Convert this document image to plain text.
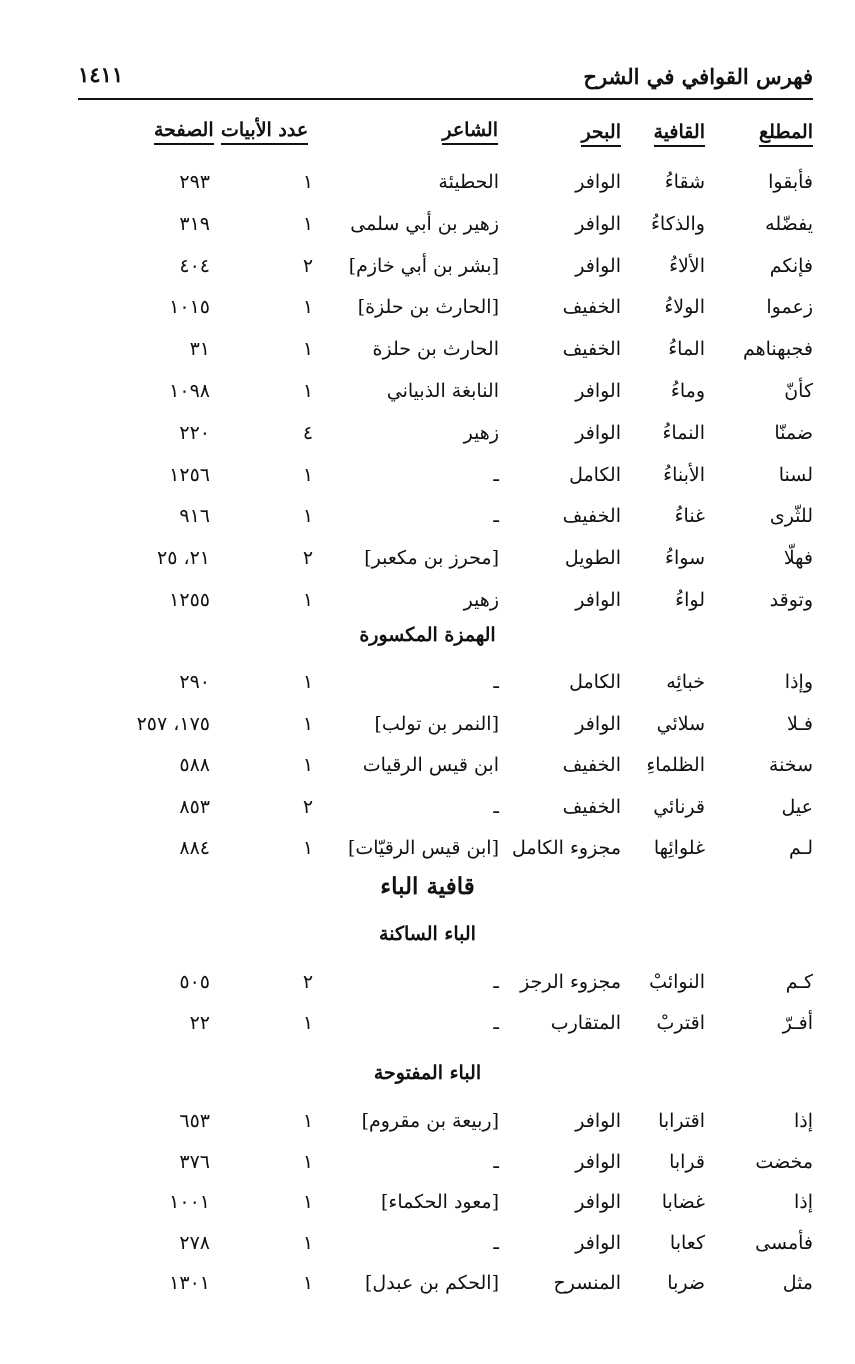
فهرس القوافي في الشرح
١٤١١
المطلع
القافية
البحر
الشاعر
عدد الأبيات
الصفحة
فأبقوا
شقاءُ
الوافر
الحطيئة
١
٢٩٣
يفضّله
والذكاءُ
الوافر
زهير بن أبي سلمى
١
٣١٩
فإنكم
الألاءُ
الوافر
[بشر بن أبي خازم]
٢
٤٠٤
زعموا
الولاءُ
الخفيف
[الحارث بن حلزة]
١
١٠١٥
فجبهناهم
الماءُ
الخفيف
الحارث بن حلزة
١
٣١
كأنّ
وماءُ
الوافر
النابغة الذبياني
١
١٠٩٨
ضمنّا
النماءُ
الوافر
زهير
٤
٢٢٠
لسنا
الأبناءُ
الكامل
ـ
١
١٢٥٦
للثّرى
غناءُ
الخفيف
ـ
١
٩١٦
فهلّا
سواءُ
الطويل
[محرز بن مكعبر]
٢
٢١، ٢٥
وتوقد
لواءُ
الوافر
زهير
١
١٢٥٥
الهمزة المكسورة
وإذا
خبائِه
الكامل
ـ
١
٢٩٠
فـلا
سلائي
الوافر
[النمر بن تولب]
١
١٧٥، ٢٥٧
سخنة
الظلماءِ
الخفيف
ابن قيس الرقيات
١
٥٨٨
عيل
قرنائي
الخفيف
ـ
٢
٨٥٣
لـم
غلوائِها
مجزوء الكامل
[ابن قيس الرقيّات]
١
٨٨٤
قافية الباء
الباء الساكنة
كـم
النوائبْ
مجزوء الرجز
ـ
٢
٥٠٥
أفـرّ
اقتربْ
المتقارب
ـ
١
٢٢
الباء المفتوحة
إذا
اقترابا
الوافر
[ربيعة بن مقروم]
١
٦٥٣
مخضت
قرابا
الوافر
ـ
١
٣٧٦
إذا
غضابا
الوافر
[معود الحكماء]
١
١٠٠١
فأمسى
كعابا
الوافر
ـ
١
٢٧٨
مثل
ضربا
المنسرح
[الحكم بن عبدل]
١
١٣٠١
